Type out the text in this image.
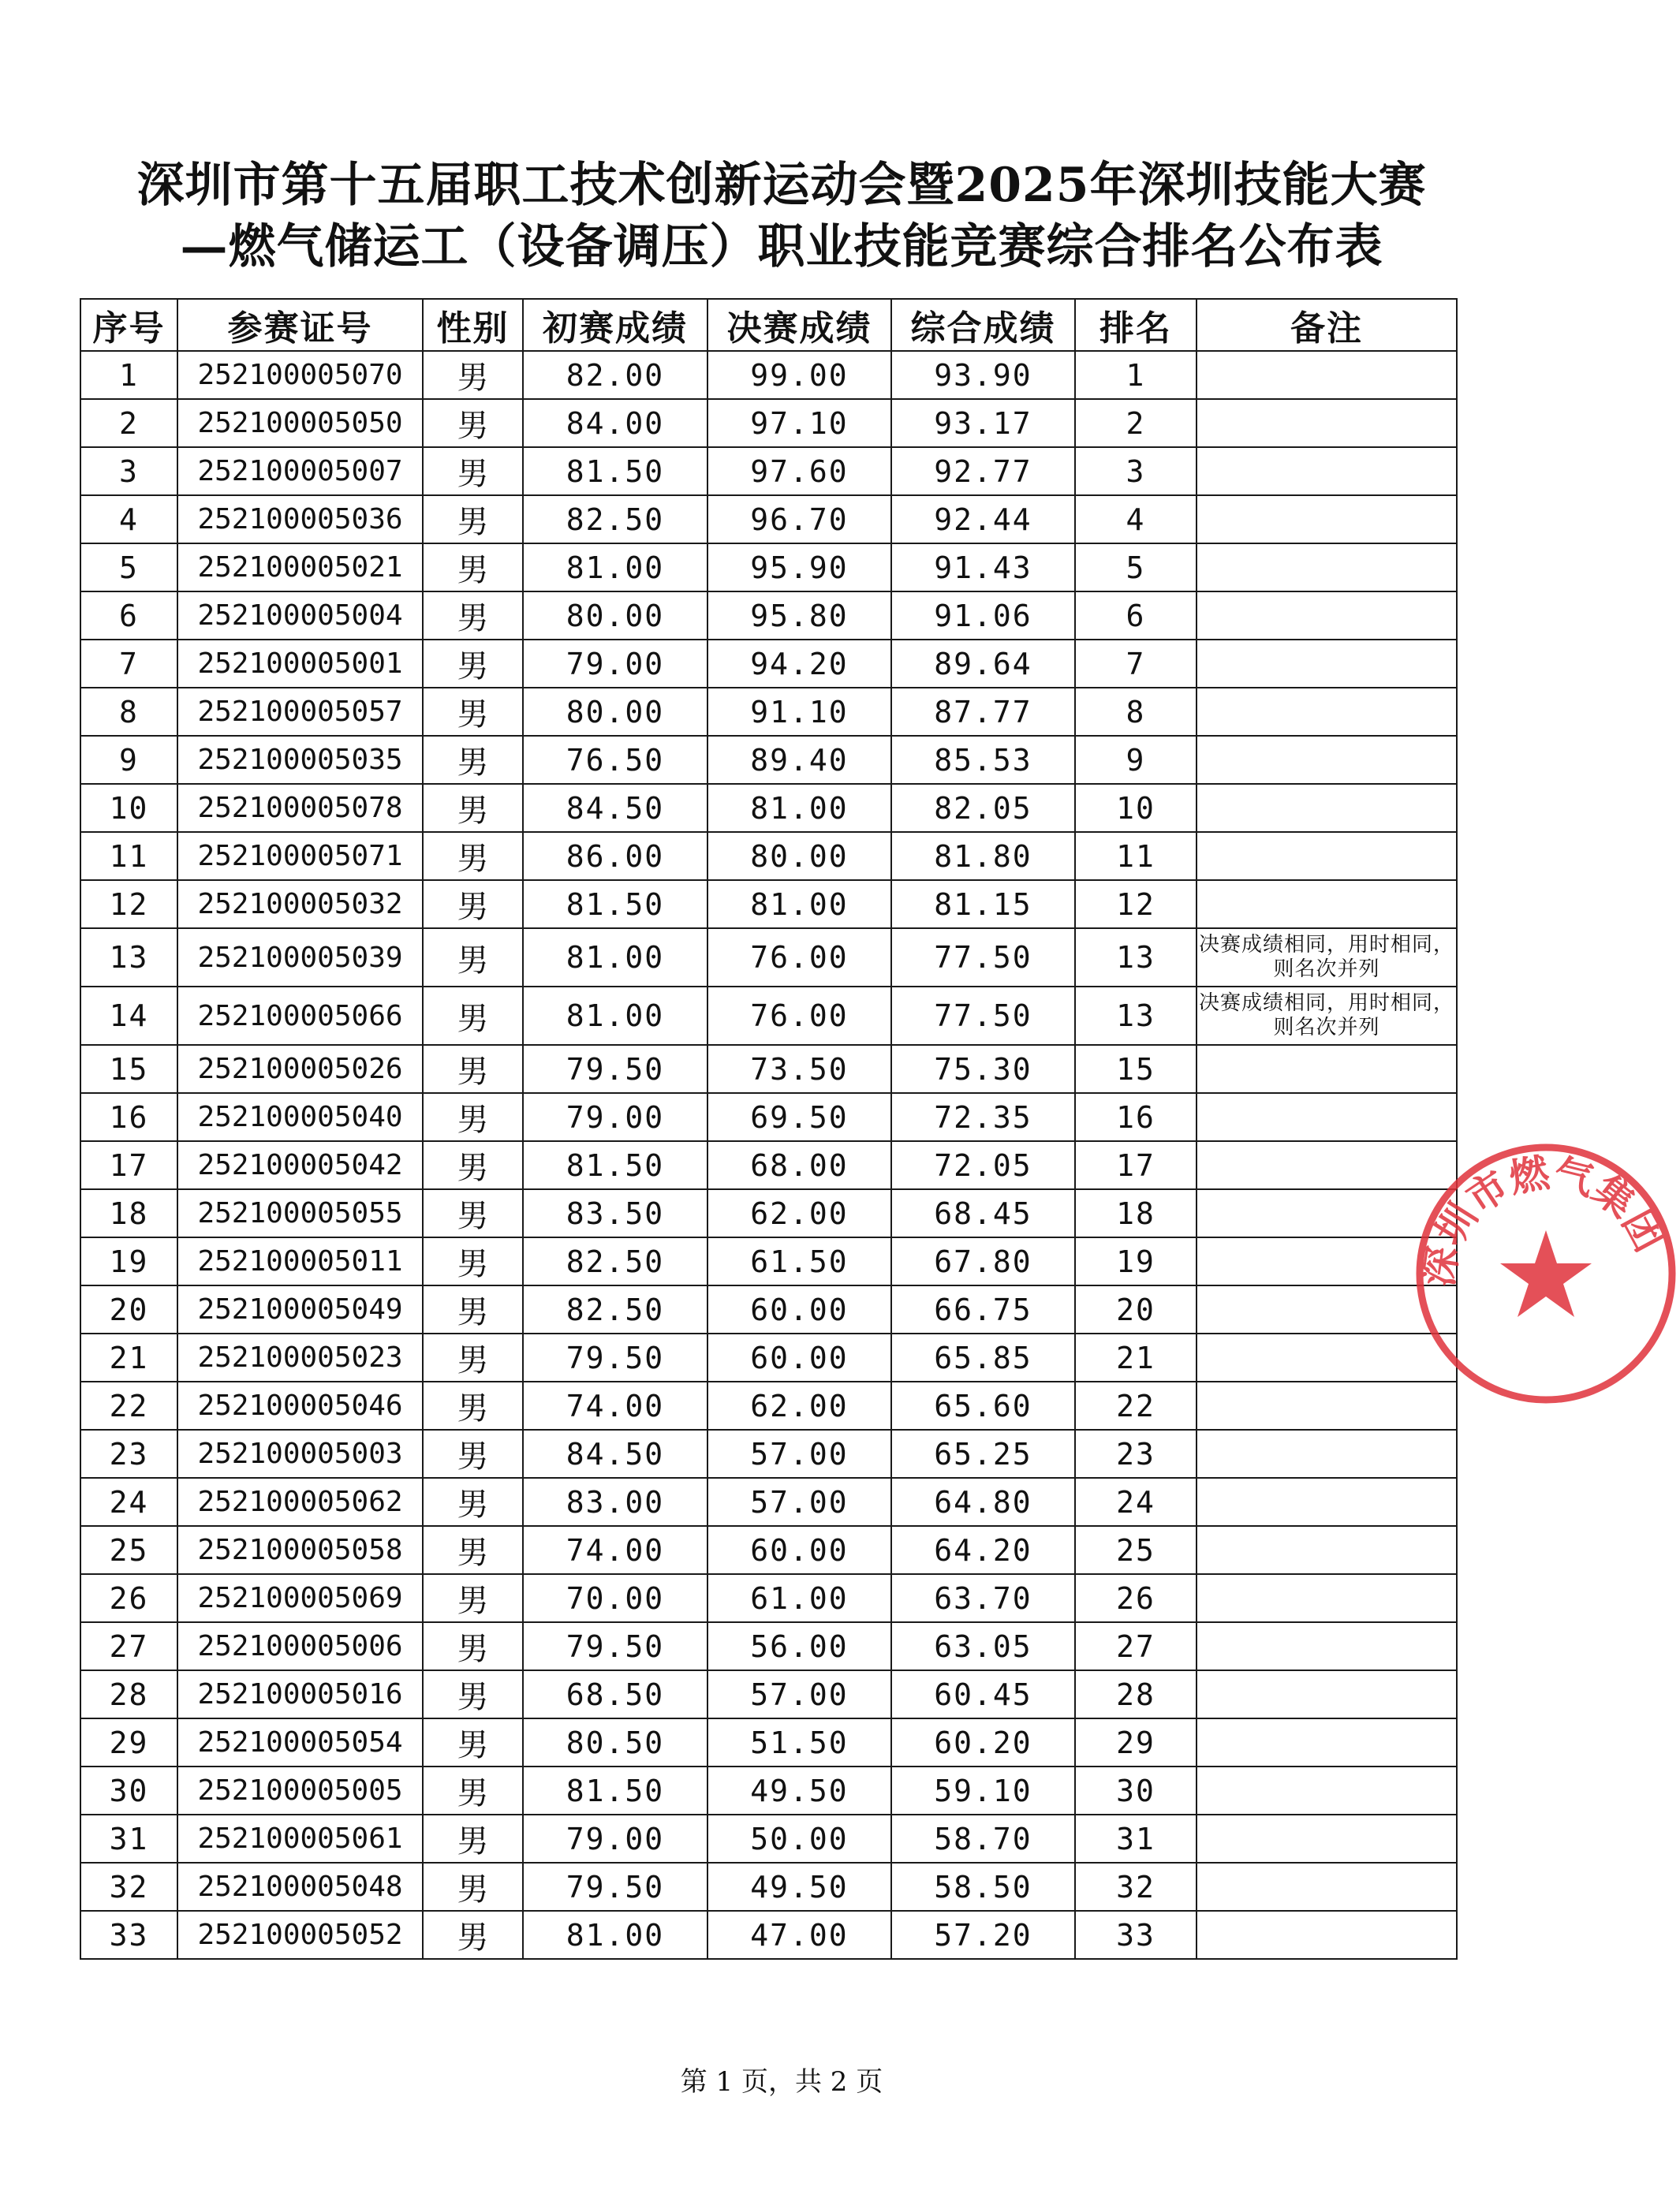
深圳市第十五届职工技术创新运动会暨2025年深圳技能大赛
—燃气储运工（设备调压）职业技能竞赛综合排名公布表
序号	参赛证号	性别	初赛成绩	决赛成绩	综合成绩	排名	备注
1	252100005070	男	82.00	99.00	93.90	1	
2	252100005050	男	84.00	97.10	93.17	2	
3	252100005007	男	81.50	97.60	92.77	3	
4	252100005036	男	82.50	96.70	92.44	4	
5	252100005021	男	81.00	95.90	91.43	5	
6	252100005004	男	80.00	95.80	91.06	6	
7	252100005001	男	79.00	94.20	89.64	7	
8	252100005057	男	80.00	91.10	87.77	8	
9	252100005035	男	76.50	89.40	85.53	9	
10	252100005078	男	84.50	81.00	82.05	10	
11	252100005071	男	86.00	80.00	81.80	11	
12	252100005032	男	81.50	81.00	81.15	12	
13	252100005039	男	81.00	76.00	77.50	13	决赛成绩相同，用时相同，则名次并列
14	252100005066	男	81.00	76.00	77.50	13	决赛成绩相同，用时相同，则名次并列
15	252100005026	男	79.50	73.50	75.30	15	
16	252100005040	男	79.00	69.50	72.35	16	
17	252100005042	男	81.50	68.00	72.05	17	
18	252100005055	男	83.50	62.00	68.45	18	
19	252100005011	男	82.50	61.50	67.80	19	
20	252100005049	男	82.50	60.00	66.75	20	
21	252100005023	男	79.50	60.00	65.85	21	
22	252100005046	男	74.00	62.00	65.60	22	
23	252100005003	男	84.50	57.00	65.25	23	
24	252100005062	男	83.00	57.00	64.80	24	
25	252100005058	男	74.00	60.00	64.20	25	
26	252100005069	男	70.00	61.00	63.70	26	
27	252100005006	男	79.50	56.00	63.05	27	
28	252100005016	男	68.50	57.00	60.45	28	
29	252100005054	男	80.50	51.50	60.20	29	
30	252100005005	男	81.50	49.50	59.10	30	
31	252100005061	男	79.00	50.00	58.70	31	
32	252100005048	男	79.50	49.50	58.50	32	
33	252100005052	男	81.00	47.00	57.20	33	
第 1 页，共 2 页
深圳市燃气集团
